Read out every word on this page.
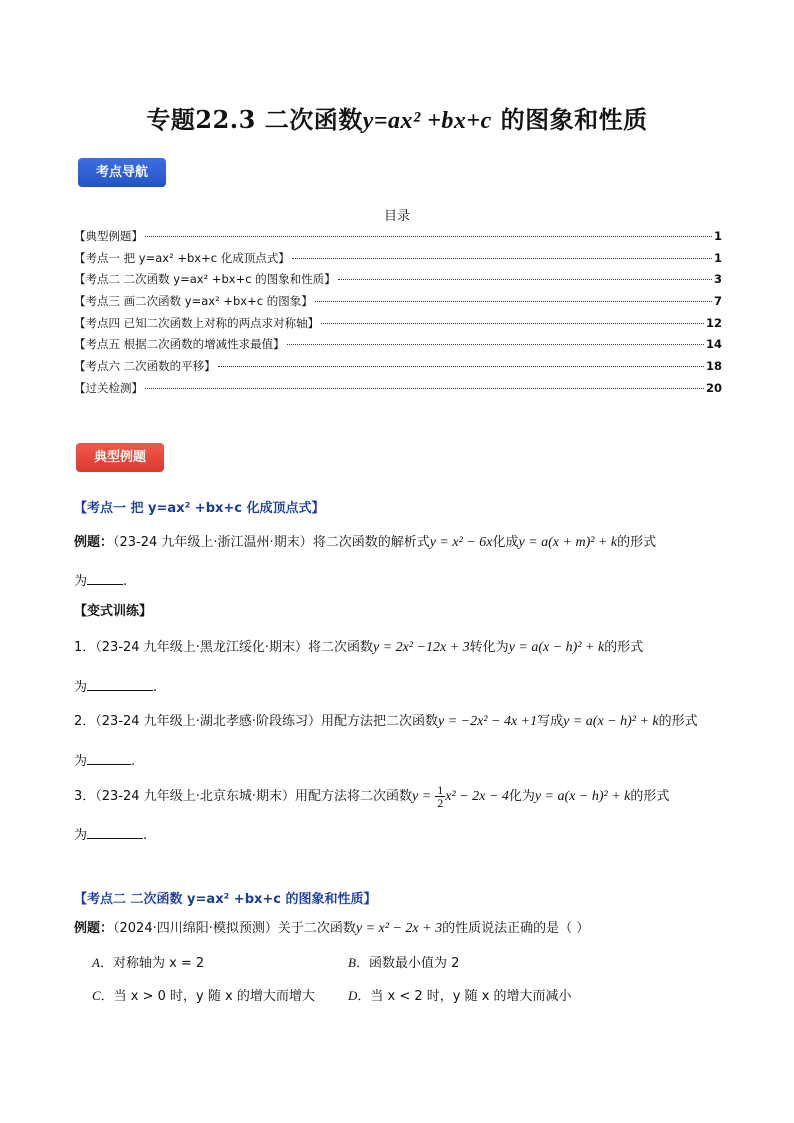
专题22.3 二次函数y=ax² +bx+c 的图象和性质
考点导航
目录
【典型例题】	1
【考点一 把 y=ax² +bx+c 化成顶点式】	1
【考点二 二次函数 y=ax² +bx+c 的图象和性质】	3
【考点三 画二次函数 y=ax² +bx+c 的图象】	7
【考点四 已知二次函数上对称的两点求对称轴】	12
【考点五 根据二次函数的增减性求最值】	14
【考点六 二次函数的平移】	18
【过关检测】	20
典型例题
【考点一 把 y=ax² +bx+c 化成顶点式】
例题：（23-24 九年级上·浙江温州·期末）将二次函数的解析式y = x² − 6x化成y = a(x + m)² + k的形式
为	.
【变式训练】
1．（23-24 九年级上·黑龙江绥化·期末）将二次函数y = 2x² −12x + 3转化为y = a(x − h)² + k的形式
为	.
2．（23-24 九年级上·湖北孝感·阶段练习）用配方法把二次函数y = −2x² − 4x +1写成y = a(x − h)² + k的形式
为	.
3．（23-24 九年级上·北京东城·期末）用配方法将二次函数$y = \frac{1}{2} x^2 - 2x - 4$化为y = a(x − h)² + k的形式
为	.
【考点二 二次函数 y=ax² +bx+c 的图象和性质】
例题：（2024·四川绵阳·模拟预测）关于二次函数y = x² − 2x + 3的性质说法正确的是（ ）
A．对称轴为 x = 2	B．函数最小值为 2
C．当 x > 0 时，y 随 x 的增大而增大	D．当 x < 2 时，y 随 x 的增大而减小
